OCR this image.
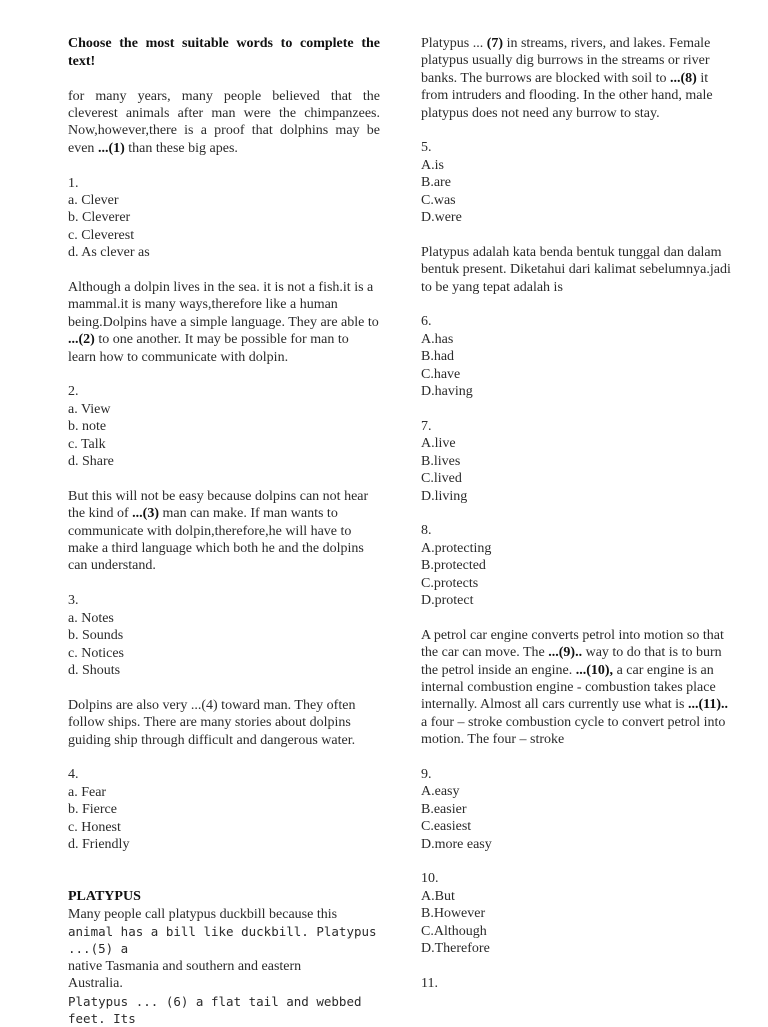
Choose the most suitable words to complete the text!

for many years, many people believed that the cleverest animals after man were the chimpanzees. Now,however,there is a proof that dolphins may be even ...(1) than these big apes.

1.
a. Clever
b. Cleverer
c. Cleverest
d. As clever as

Although a dolpin lives in the sea. it is not a fish.it is a mammal.it is many ways,therefore like a human being.Dolpins have a simple language. They are able to ...(2) to one another. It may be possible for man to learn how to communicate with dolpin.

2.
a. View
b. note
c. Talk
d. Share

But this will not be easy because dolpins can not hear the kind of ...(3) man can make. If man wants to communicate with dolpin,therefore,he will have to make a third language which both he and the dolpins can understand.

3.
a. Notes
b. Sounds
c. Notices
d. Shouts

Dolpins are also very ...(4) toward man. They often follow ships. There are many stories about dolpins guiding ship through difficult and dangerous water.

4.
a. Fear
b. Fierce
c. Honest
d. Friendly

PLATYPUS

Many people call platypus duckbill because this

animal has a bill like duckbill. Platypus ...(5) a

native Tasmania and southern and eastern

Australia.

Platypus ... (6) a flat tail and webbed feet. Its

Platypus ... (7) in streams, rivers, and lakes. Female platypus usually dig burrows in the streams or river banks. The burrows are blocked with soil to ...(8) it from intruders and flooding. In the other hand, male platypus does not need any burrow to stay.

5.
A.is
B.are
C.was
D.were

Platypus adalah kata benda bentuk tunggal dan dalam bentuk present. Diketahui dari kalimat sebelumnya.jadi to be yang tepat adalah is

6.
A.has
B.had
C.have
D.having
7.
A.live
B.lives
C.lived
D.living
8.
A.protecting
B.protected
C.protects
D.protect

A petrol car engine converts petrol into motion so that the car can move. The ...(9).. way to do that is to burn the petrol inside an engine. ...(10), a car engine is an internal combustion engine - combustion takes place internally. Almost all cars currently use what is ...(11).. a four – stroke combustion cycle to convert petrol into motion. The four – stroke

9.
A.easy
B.easier
C.easiest
D.more easy
10.
A.But
B.However
C.Although
D.Therefore
11.
